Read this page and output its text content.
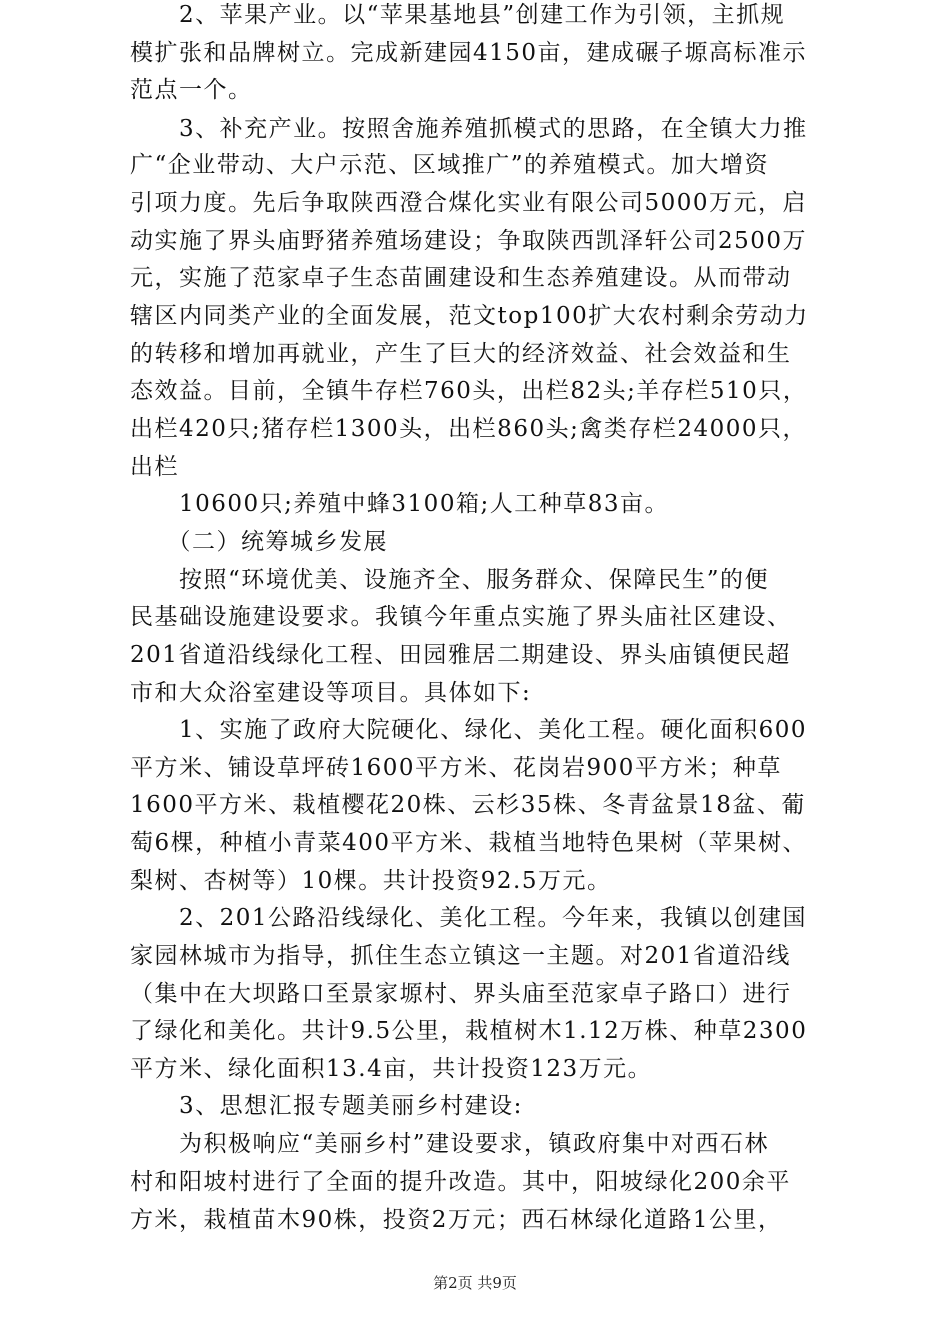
　　2、苹果产业。以“苹果基地县”创建工作为引领，主抓规
模扩张和品牌树立。完成新建园4150亩，建成碾子塬高标准示
范点一个。
　　3、补充产业。按照舍施养殖抓模式的思路，在全镇大力推
广“企业带动、大户示范、区域推广”的养殖模式。加大增资
引项力度。先后争取陕西澄合煤化实业有限公司5000万元，启
动实施了界头庙野猪养殖场建设；争取陕西凯泽轩公司2500万
元，实施了范家卓子生态苗圃建设和生态养殖建设。从而带动
辖区内同类产业的全面发展，范文top100扩大农村剩余劳动力
的转移和增加再就业，产生了巨大的经济效益、社会效益和生
态效益。目前，全镇牛存栏760头，出栏82头;羊存栏510只，
出栏420只;猪存栏1300头，出栏860头;禽类存栏24000只，
出栏
　　10600只;养殖中蜂3100箱;人工种草83亩。
　　（二）统筹城乡发展
　　按照“环境优美、设施齐全、服务群众、保障民生”的便
民基础设施建设要求。我镇今年重点实施了界头庙社区建设、
201省道沿线绿化工程、田园雅居二期建设、界头庙镇便民超
市和大众浴室建设等项目。具体如下:
　　1、实施了政府大院硬化、绿化、美化工程。硬化面积600
平方米、铺设草坪砖1600平方米、花岗岩900平方米；种草
1600平方米、栽植樱花20株、云杉35株、冬青盆景18盆、葡
萄6棵，种植小青菜400平方米、栽植当地特色果树（苹果树、
梨树、杏树等）10棵。共计投资92.5万元。
　　2、201公路沿线绿化、美化工程。今年来，我镇以创建国
家园林城市为指导，抓住生态立镇这一主题。对201省道沿线
（集中在大坝路口至景家塬村、界头庙至范家卓子路口）进行
了绿化和美化。共计9.5公里，栽植树木1.12万株、种草2300
平方米、绿化面积13.4亩，共计投资123万元。
　　3、思想汇报专题美丽乡村建设:
　　为积极响应“美丽乡村”建设要求，镇政府集中对西石林
村和阳坡村进行了全面的提升改造。其中，阳坡绿化200余平
方米，栽植苗木90株，投资2万元；西石林绿化道路1公里，
第2页 共9页
